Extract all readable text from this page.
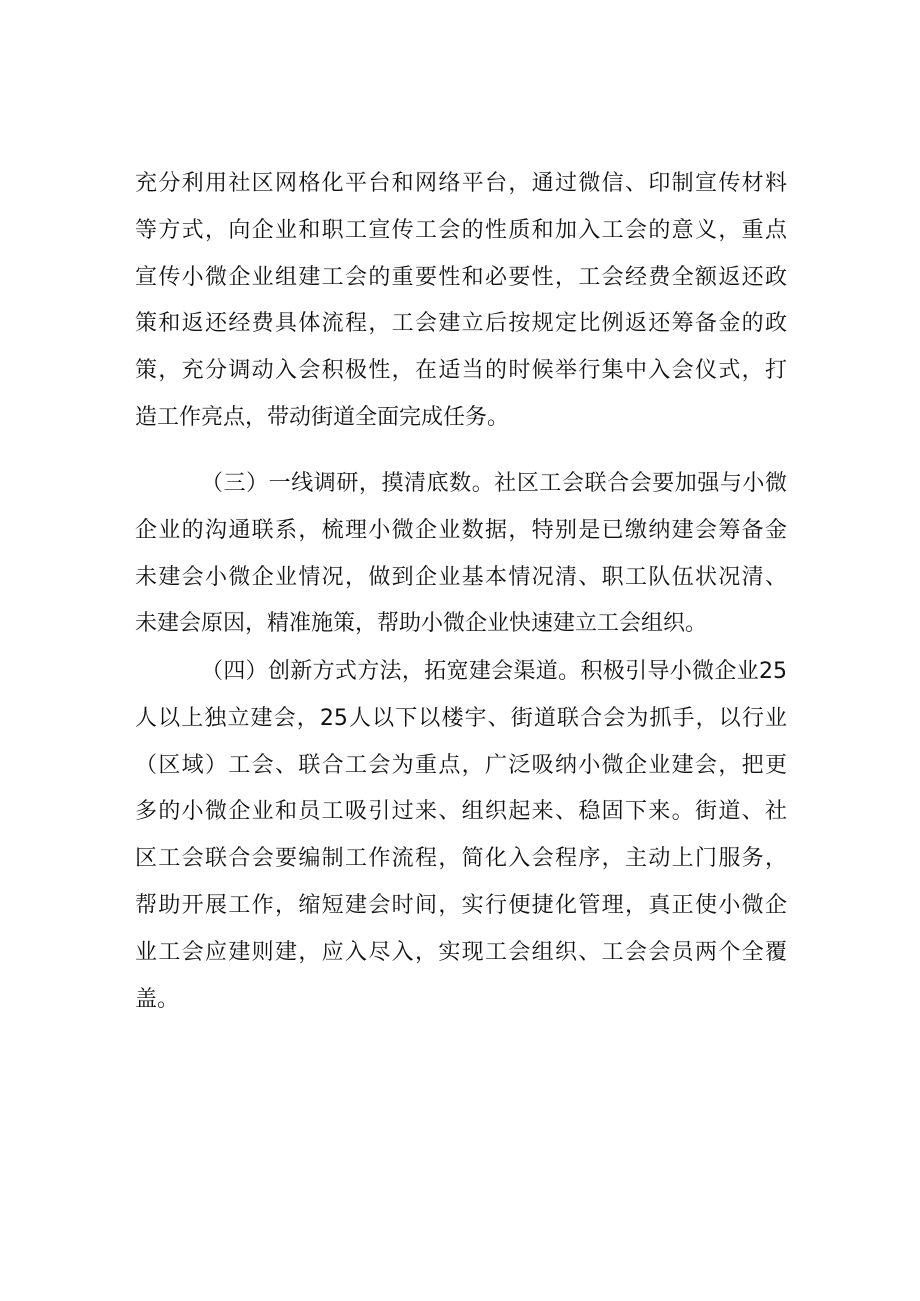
充分利用社区网格化平台和网络平台，通过微信、印制宣传材料
等方式，向企业和职工宣传工会的性质和加入工会的意义，重点
宣传小微企业组建工会的重要性和必要性，工会经费全额返还政
策和返还经费具体流程，工会建立后按规定比例返还筹备金的政
策，充分调动入会积极性，在适当的时候举行集中入会仪式，打
造工作亮点，带动街道全面完成任务。
（三）一线调研，摸清底数。社区工会联合会要加强与小微
企业的沟通联系，梳理小微企业数据，特别是已缴纳建会筹备金
未建会小微企业情况，做到企业基本情况清、职工队伍状况清、
未建会原因，精准施策，帮助小微企业快速建立工会组织。
（四）创新方式方法，拓宽建会渠道。积极引导小微企业25
人以上独立建会，25人以下以楼宇、街道联合会为抓手，以行业
（区域）工会、联合工会为重点，广泛吸纳小微企业建会，把更
多的小微企业和员工吸引过来、组织起来、稳固下来。街道、社
区工会联合会要编制工作流程，简化入会程序，主动上门服务，
帮助开展工作，缩短建会时间，实行便捷化管理，真正使小微企
业工会应建则建，应入尽入，实现工会组织、工会会员两个全覆
盖。
